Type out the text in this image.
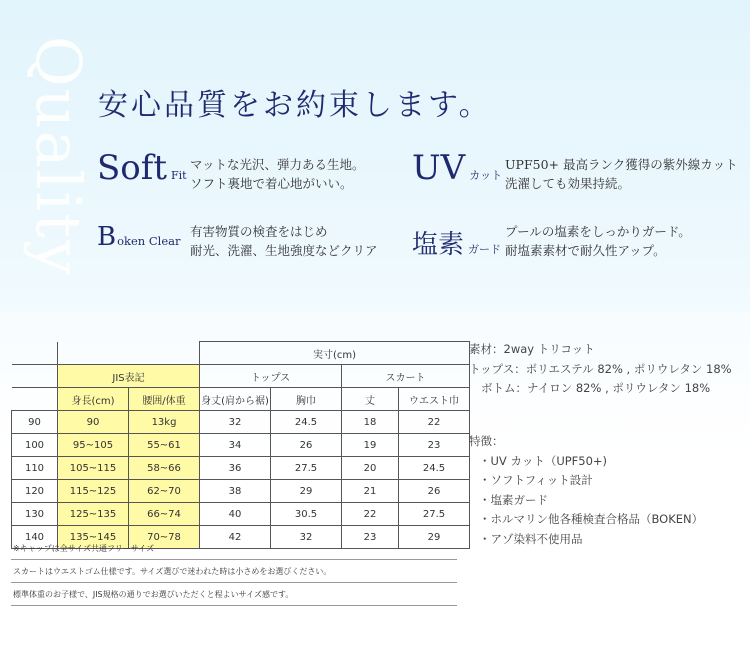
Quality 安心品質をお約束します。
Soft Fit
マットな光沢、弾力ある生地。
ソフト裏地で着心地がいい。	UV カット
UPF50+ 最高ランク獲得の紫外線カット
洗濯しても効果持続。
Boken Clear
有害物質の検査をはじめ
耐光、洗濯、生地強度などクリア 塩素 ガード
プールの塩素をしっかりガード。
耐塩素素材で耐久性アップ。
			実寸(cm)			
	JIS表記		トップス		スカート	
	身長(cm)	腰囲/体重	身丈(肩から裾)	胸巾	丈	ウエスト巾
90	90	13kg	32	24.5	18	22
100	95~105	55~61	34	26	19	23
110	105~115	58~66	36	27.5	20	24.5
120	115~125	62~70	38	29	21	26
130	125~135	66~74	40	30.5	22	27.5
140	135~145	70~78	42	32	23	29
※キャップは全サイズ共通フリーサイズ
スカートはウエストゴム仕様です。サイズ選びで迷われた時は小さめをお選びください。
標準体重のお子様で、JIS規格の通りでお選びいただくと程よいサイズ感です。
素材：2way トリコット
トップス：ポリエステル 82% , ポリウレタン 18%
ボトム：ナイロン 82% , ポリウレタン 18%
特徴：
・UV カット（UPF50+)
・ソフトフィット設計
・塩素ガード
・ホルマリン他各種検査合格品（BOKEN）
・アゾ染料不使用品
